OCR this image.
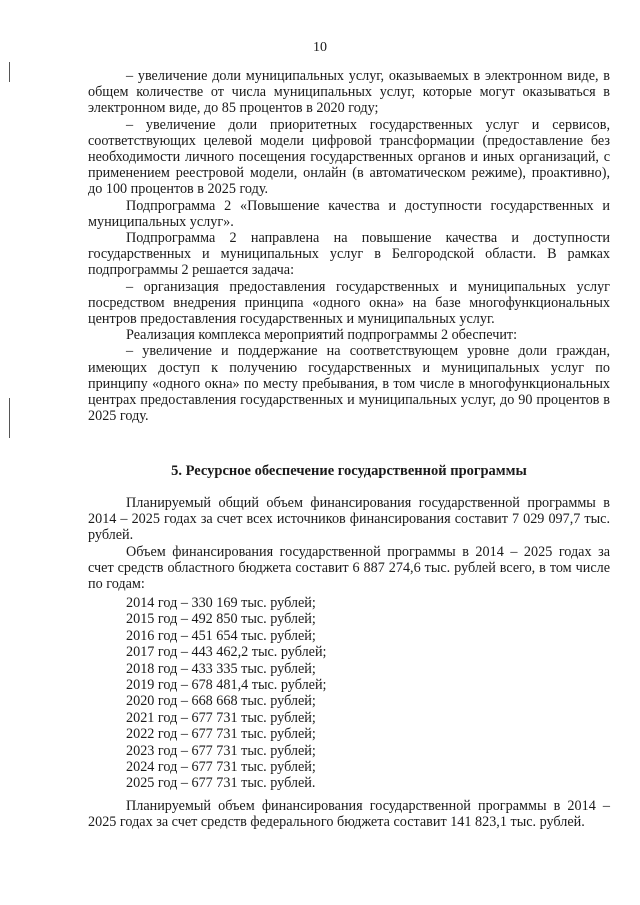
10

– увеличение доли муниципальных услуг, оказываемых в электронном виде, в общем количестве от числа муниципальных услуг, которые могут оказываться в электронном виде, до 85 процентов в 2020 году;

– увеличение доли приоритетных государственных услуг и сервисов, соответствующих целевой модели цифровой трансформации (предоставление без необходимости личного посещения государственных органов и иных организаций, с применением реестровой модели, онлайн (в автоматическом режиме), проактивно), до 100 процентов в 2025 году.

Подпрограмма 2 «Повышение качества и доступности государственных и муниципальных услуг».

Подпрограмма 2 направлена на повышение качества и доступности государственных и муниципальных услуг в Белгородской области. В рамках подпрограммы 2 решается задача:

– организация предоставления государственных и муниципальных услуг посредством внедрения принципа «одного окна» на базе многофункциональных центров предоставления государственных и муниципальных услуг.

Реализация комплекса мероприятий подпрограммы 2 обеспечит:

– увеличение и поддержание на соответствующем уровне доли граждан, имеющих доступ к получению государственных и муниципальных услуг по принципу «одного окна» по месту пребывания, в том числе в многофункциональных центрах предоставления государственных и муниципальных услуг, до 90 процентов в 2025 году.

5. Ресурсное обеспечение государственной программы

Планируемый общий объем финансирования государственной программы в 2014 – 2025 годах за счет всех источников финансирования составит 7 029 097,7 тыс. рублей.

Объем финансирования государственной программы в 2014 – 2025 годах за счет средств областного бюджета составит 6 887 274,6 тыс. рублей всего, в том числе по годам:

2014 год – 330 169 тыс. рублей;
2015 год – 492 850 тыс. рублей;
2016 год – 451 654 тыс. рублей;
2017 год – 443 462,2 тыс. рублей;
2018 год – 433 335 тыс. рублей;
2019 год – 678 481,4 тыс. рублей;
2020 год – 668 668 тыс. рублей;
2021 год – 677 731 тыс. рублей;
2022 год – 677 731 тыс. рублей;
2023 год – 677 731 тыс. рублей;
2024 год – 677 731 тыс. рублей;
2025 год – 677 731 тыс. рублей.

Планируемый объем финансирования государственной программы в 2014 – 2025 годах за счет средств федерального бюджета составит 141 823,1 тыс. рублей.
